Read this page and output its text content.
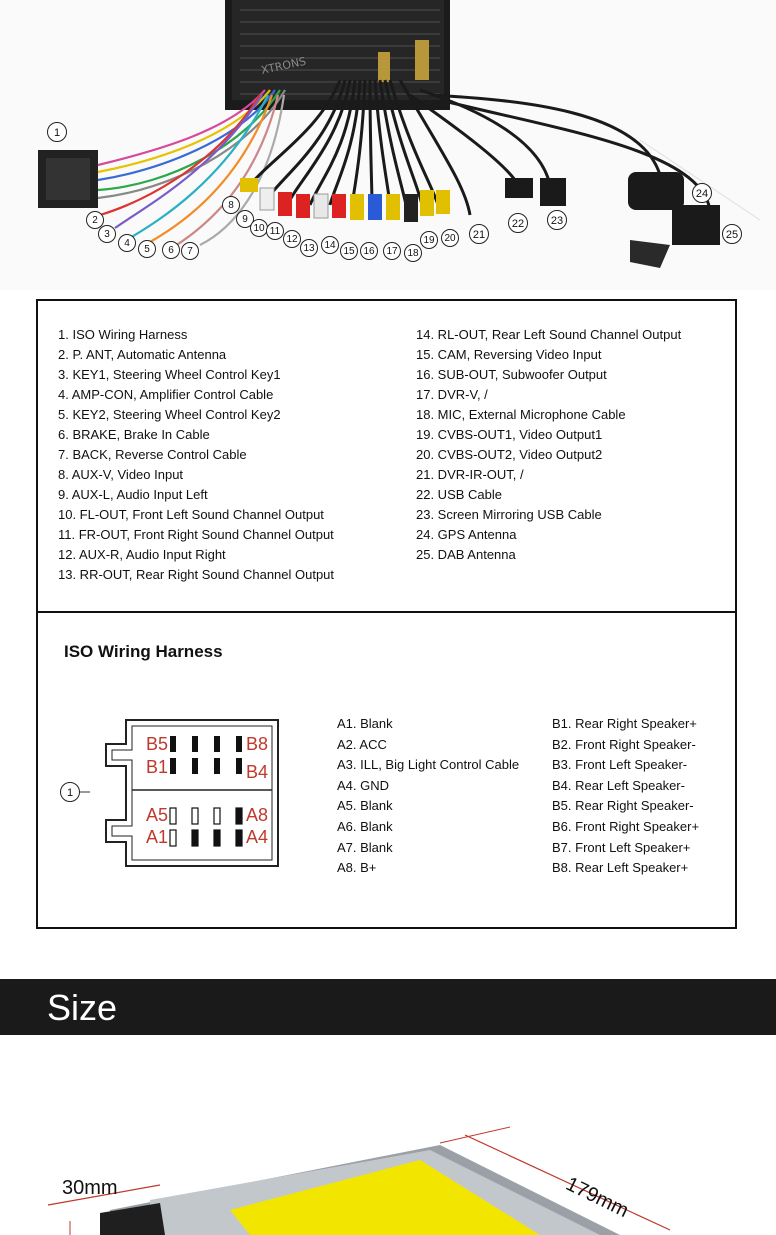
XTRONS
1
2
3
4
5	6	7
8
9
10 11
12
13 14
15 16	17 18
19 20	21
22	23
24
25
1. ISO Wiring Harness
2. P. ANT, Automatic Antenna
3. KEY1, Steering Wheel Control Key1
4. AMP-CON, Amplifier Control Cable
5. KEY2, Steering Wheel Control Key2
6. BRAKE, Brake In Cable
7. BACK, Reverse Control Cable
8. AUX-V, Video Input
9. AUX-L, Audio Input Left
10. FL-OUT, Front Left Sound Channel Output
11. FR-OUT, Front Right Sound Channel Output
12. AUX-R, Audio Input Right
13. RR-OUT, Rear Right Sound Channel Output
14. RL-OUT, Rear Left Sound Channel Output
15. CAM, Reversing Video Input
16. SUB-OUT, Subwoofer Output
17. DVR-V, /
18. MIC, External Microphone Cable
19. CVBS-OUT1, Video Output1
20. CVBS-OUT2, Video Output2
21. DVR-IR-OUT, /
22. USB Cable
23. Screen Mirroring USB Cable
24. GPS Antenna
25. DAB Antenna
ISO Wiring Harness
1
B5	B8
B1	B4
A5	A8
A1	A4
A1. Blank
A2. ACC
A3. ILL, Big Light Control Cable
A4. GND
A5. Blank
A6. Blank
A7. Blank
A8. B+
B1. Rear Right Speaker+
B2. Front Right Speaker-
B3. Front Left Speaker-
B4. Rear Left Speaker-
B5. Rear Right Speaker-
B6. Front Right Speaker+
B7. Front Left Speaker+
B8. Rear Left Speaker+
Size
30mm	179mm
